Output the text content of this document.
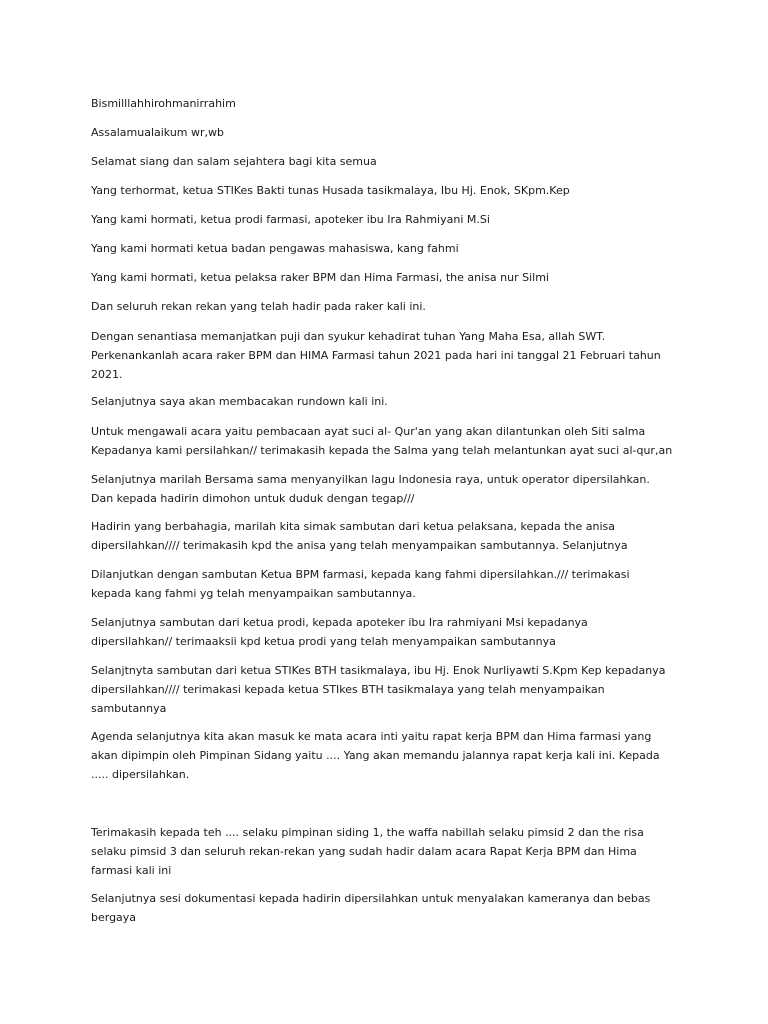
Bismilllahhirohmanirrahim

Assalamualaikum wr,wb

Selamat siang dan salam sejahtera bagi kita semua

Yang terhormat, ketua STIKes Bakti tunas Husada tasikmalaya, Ibu Hj. Enok, SKpm.Kep

Yang kami hormati, ketua prodi farmasi, apoteker ibu Ira Rahmiyani M.Si

Yang kami hormati ketua badan pengawas mahasiswa, kang fahmi

Yang kami hormati, ketua pelaksa raker BPM dan Hima Farmasi, the anisa nur Silmi

Dan seluruh rekan rekan yang telah hadir pada raker kali ini.

Dengan senantiasa memanjatkan puji dan syukur kehadirat tuhan Yang Maha Esa, allah SWT.
Perkenankanlah acara raker BPM dan HIMA Farmasi tahun 2021 pada hari ini tanggal 21 Februari tahun
2021.

Selanjutnya saya akan membacakan rundown kali ini.

Untuk mengawali acara yaitu pembacaan ayat suci al- Qur'an yang akan dilantunkan oleh Siti salma
Kepadanya kami persilahkan// terimakasih kepada the Salma yang telah melantunkan ayat suci al-qur,an

Selanjutnya marilah Bersama sama menyanyilkan lagu Indonesia raya, untuk operator dipersilahkan.
Dan kepada hadirin dimohon untuk duduk dengan tegap///

Hadirin yang berbahagia, marilah kita simak sambutan dari ketua pelaksana, kepada the anisa
dipersilahkan//// terimakasih kpd the anisa yang telah menyampaikan sambutannya. Selanjutnya

Dilanjutkan dengan sambutan Ketua BPM farmasi, kepada kang fahmi dipersilahkan./// terimakasi
kepada kang fahmi yg telah menyampaikan sambutannya.

Selanjutnya sambutan dari ketua prodi, kepada apoteker ibu Ira rahmiyani Msi kepadanya
dipersilahkan// terimaaksii kpd ketua prodi yang telah menyampaikan sambutannya

Selanjtnyta sambutan dari ketua STIKes BTH tasikmalaya, ibu Hj. Enok Nurliyawti S.Kpm Kep kepadanya
dipersilahkan//// terimakasi kepada ketua STIkes BTH tasikmalaya yang telah menyampaikan
sambutannya

Agenda selanjutnya kita akan masuk ke mata acara inti yaitu rapat kerja BPM dan Hima farmasi yang
akan dipimpin oleh Pimpinan Sidang yaitu .... Yang akan memandu jalannya rapat kerja kali ini. Kepada
..... dipersilahkan.

Terimakasih kepada teh .... selaku pimpinan siding 1, the waffa nabillah selaku pimsid 2 dan the risa
selaku pimsid 3 dan seluruh rekan-rekan yang sudah hadir dalam acara Rapat Kerja BPM dan Hima
farmasi kali ini

Selanjutnya sesi dokumentasi kepada hadirin dipersilahkan untuk menyalakan kameranya dan bebas
bergaya
